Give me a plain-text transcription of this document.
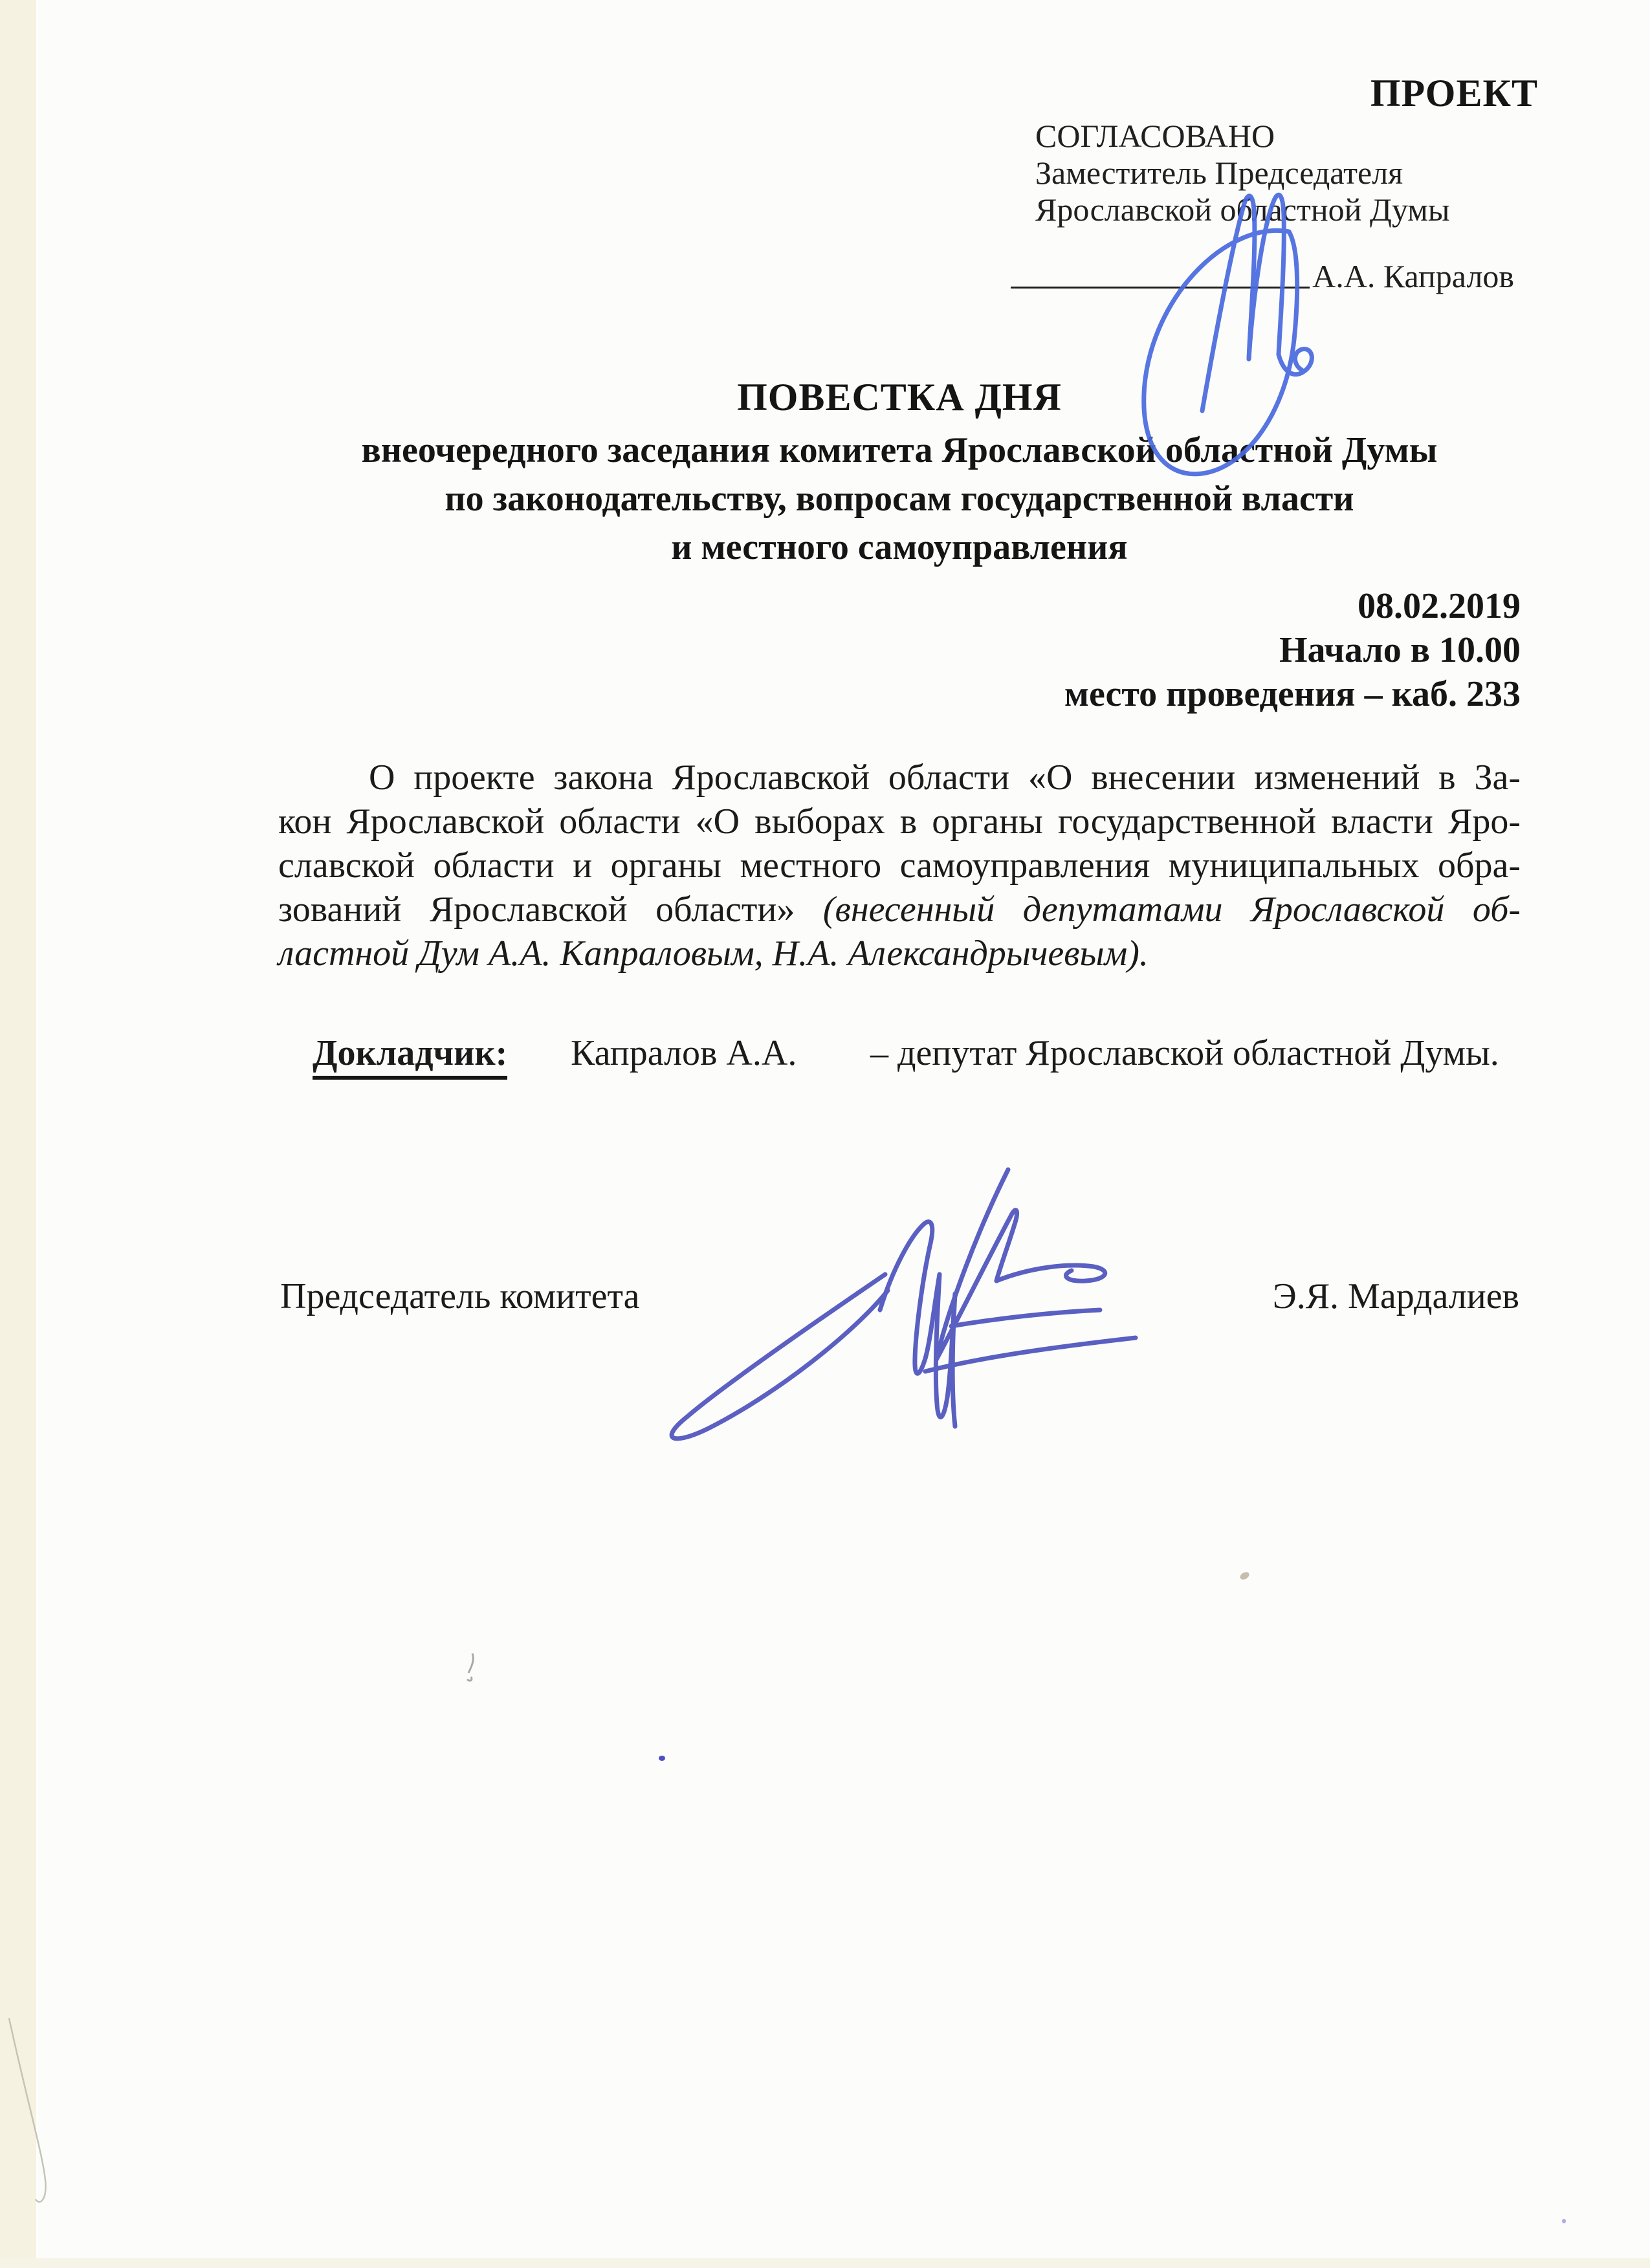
ПРОЕКТ
СОГЛАСОВАНО
Заместитель Председателя
Ярославской областной Думы
А.А. Капралов
ПОВЕСТКА ДНЯ
внеочередного заседания комитета Ярославской областной Думы
по законодательству, вопросам государственной власти
и местного самоуправления
08.02.2019
Начало в 10.00
место проведения – каб. 233
О проекте закона Ярославской области «О внесении изменений в За-
кон Ярославской области «О выборах в органы государственной власти Яро-
славской области и органы местного самоуправления муниципальных обра-
зований Ярославской области» (внесенный депутатами Ярославской об-
ластной Дум А.А. Капраловым, Н.А. Александрычевым).
Докладчик: Капралов А.А. – депутат Ярославской областной Думы.
Председатель комитета	Э.Я. Мардалиев
